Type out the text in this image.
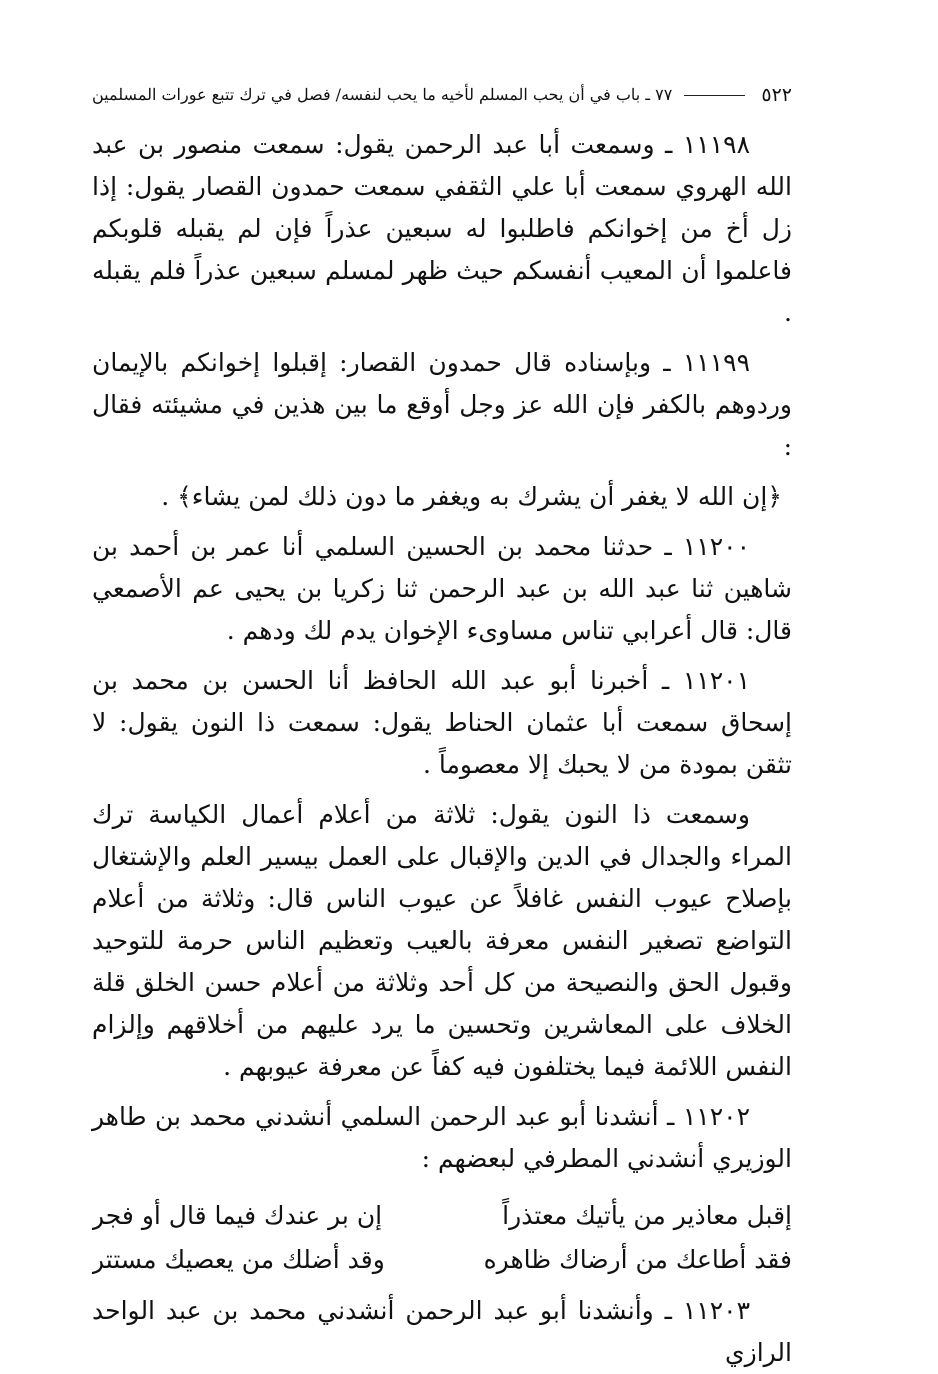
٥٢٢
٧٧ ـ باب في أن يحب المسلم لأخيه ما يحب لنفسه/ فصل في ترك تتبع عورات المسلمين

١١١٩٨ ـ وسمعت أبا عبد الرحمن يقول: سمعت منصور بن عبد الله الهروي سمعت أبا علي الثقفي سمعت حمدون القصار يقول: إذا زل أخ من إخوانكم فاطلبوا له سبعين عذراً فإن لم يقبله قلوبكم فاعلموا أن المعيب أنفسكم حيث ظهر لمسلم سبعين عذراً فلم يقبله .

١١١٩٩ ـ وبإسناده قال حمدون القصار: إقبلوا إخوانكم بالإيمان وردوهم بالكفر فإن الله عز وجل أوقع ما بين هذين في مشيئته فقال :

﴿إن الله لا يغفر أن يشرك به ويغفر ما دون ذلك لمن يشاء﴾ .

١١٢٠٠ ـ حدثنا محمد بن الحسين السلمي أنا عمر بن أحمد بن شاهين ثنا عبد الله بن عبد الرحمن ثنا زكريا بن يحيى عم الأصمعي قال: قال أعرابي تناس مساوىء الإخوان يدم لك ودهم .

١١٢٠١ ـ أخبرنا أبو عبد الله الحافظ أنا الحسن بن محمد بن إسحاق سمعت أبا عثمان الحناط يقول: سمعت ذا النون يقول: لا تثقن بمودة من لا يحبك إلا معصوماً .

وسمعت ذا النون يقول: ثلاثة من أعلام أعمال الكياسة ترك المراء والجدال في الدين والإقبال على العمل بيسير العلم والإشتغال بإصلاح عيوب النفس غافلاً عن عيوب الناس قال: وثلاثة من أعلام التواضع تصغير النفس معرفة بالعيب وتعظيم الناس حرمة للتوحيد وقبول الحق والنصيحة من كل أحد وثلاثة من أعلام حسن الخلق قلة الخلاف على المعاشرين وتحسين ما يرد عليهم من أخلاقهم وإلزام النفس اللائمة فيما يختلفون فيه كفاً عن معرفة عيوبهم .

١١٢٠٢ ـ أنشدنا أبو عبد الرحمن السلمي أنشدني محمد بن طاهر الوزيري أنشدني المطرفي لبعضهم :

إقبل معاذير من يأتيك معتذراً
إن بر عندك فيما قال أو فجر
فقد أطاعك من أرضاك ظاهره
وقد أضلك من يعصيك مستتر

١١٢٠٣ ـ وأنشدنا أبو عبد الرحمن أنشدني محمد بن عبد الواحد الرازي
